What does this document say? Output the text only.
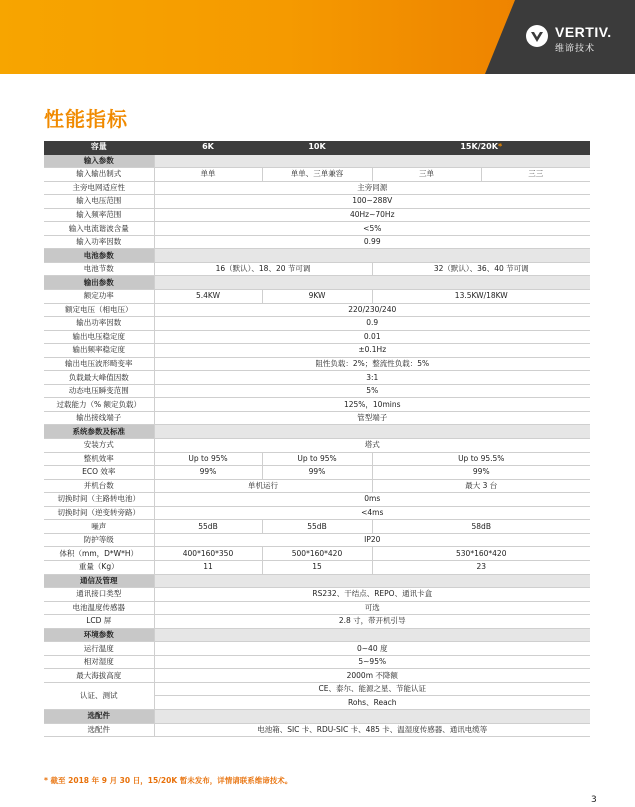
VERTIV.
维谛技术
性能指标
容量	6K	10K	15K/20K*	
输入参数				
输入输出制式	单单	单单、三单兼容	三单	三三
主旁电网适应性	主旁同源			
输入电压范围	100~288V			
输入频率范围	40Hz~70Hz			
输入电流谐波含量	<5%			
输入功率因数	0.99			
电池参数				
电池节数	16（默认）、18、20 节可调		32（默认）、36、40 节可调	
输出参数				
额定功率	5.4KW	9KW	13.5KW/18KW	
额定电压（相电压）	220/230/240			
输出功率因数	0.9			
输出电压稳定度	0.01			
输出频率稳定度	±0.1Hz			
输出电压波形畸变率	阻性负载：2%；整流性负载：5%			
负载最大峰值因数	3:1			
动态电压瞬变范围	5%			
过载能力（% 额定负载）	125%，10mins			
输出接线端子	管型端子			
系统参数及标准				
安装方式	塔式			
整机效率	Up to 95%	Up to 95%	Up to 95.5%	
ECO 效率	99%	99%	99%	
并机台数	单机运行		最大 3 台	
切换时间（主路转电池）	0ms			
切换时间（逆变转旁路）	<4ms			
噪声	55dB	55dB	58dB	
防护等级	IP20			
体积（mm，D*W*H）	400*160*350	500*160*420	530*160*420	
重量（Kg）	11	15	23	
通信及管理				
通讯接口类型	RS232、干结点、REPO、通讯卡盒			
电池温度传感器	可选			
LCD 屏	2.8 寸，带开机引导			
环境参数				
运行温度	0~40 度			
相对湿度	5~95%			
最大海拔高度	2000m 不降额			
认证、测试	CE、泰尔、能源之星、节能认证			
	Rohs、Reach			
选配件				
选配件	电池箱、SIC 卡、RDU-SIC 卡、485 卡、温湿度传感器、通讯电缆等			
* 截至 2018 年 9 月 30 日，15/20K 暂未发布，详情请联系维谛技术。
3
